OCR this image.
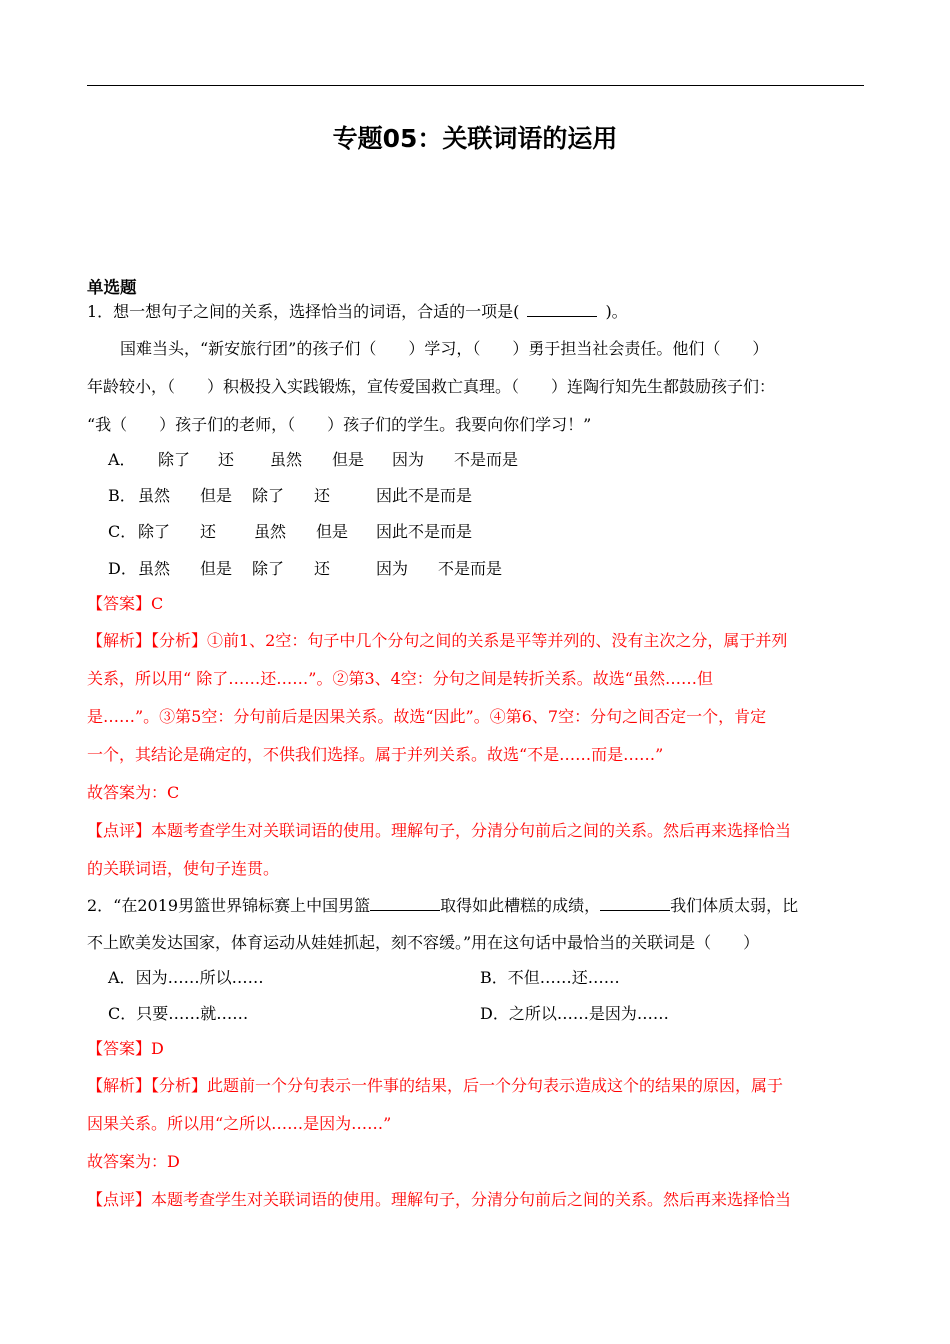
专题05：关联词语的运用
单选题
1．想一想句子之间的关系，选择恰当的词语，合适的一项是(	)。
国难当头，“新安旅行团”的孩子们（　　）学习，（　　）勇于担当社会责任。他们（　　）
年龄较小，（　　）积极投入实践锻炼，宣传爱国救亡真理。（　　）连陶行知先生都鼓励孩子们：
“我（　　）孩子们的老师，（　　）孩子们的学生。我要向你们学习！”
A． 除了 还 虽然 但是 因为 不是而是
B． 虽然 但是 除了 还	因此不是而是
C． 除了 还 虽然 但是 因此不是而是
D．虽然 但是 除了 还	因为 不是而是
【答案】C
【解析】【分析】①前1、2空：句子中几个分句之间的关系是平等并列的、没有主次之分，属于并列
关系，所以用“ 除了……还……”。②第3、4空：分句之间是转折关系。故选“虽然……但
是……”。③第5空：分句前后是因果关系。故选“因此”。④第6、7空：分句之间否定一个，肯定
一个，其结论是确定的，不供我们选择。属于并列关系。故选“不是……而是……”
故答案为：C
【点评】本题考查学生对关联词语的使用。理解句子，分清分句前后之间的关系。然后再来选择恰当
的关联词语，使句子连贯。
2．“在2019男篮世界锦标赛上中国男篮	取得如此槽糕的成绩，	我们体质太弱，比
不上欧美发达国家，体育运动从娃娃抓起，刻不容缓。”用在这句话中最恰当的关联词是（　　）
A．因为……所以……	B．不但……还……
C．只要……就……	D．之所以……是因为……
【答案】D
【解析】【分析】此题前一个分句表示一件事的结果，后一个分句表示造成这个的结果的原因，属于
因果关系。所以用“之所以……是因为……”
故答案为：D
【点评】本题考查学生对关联词语的使用。理解句子，分清分句前后之间的关系。然后再来选择恰当
